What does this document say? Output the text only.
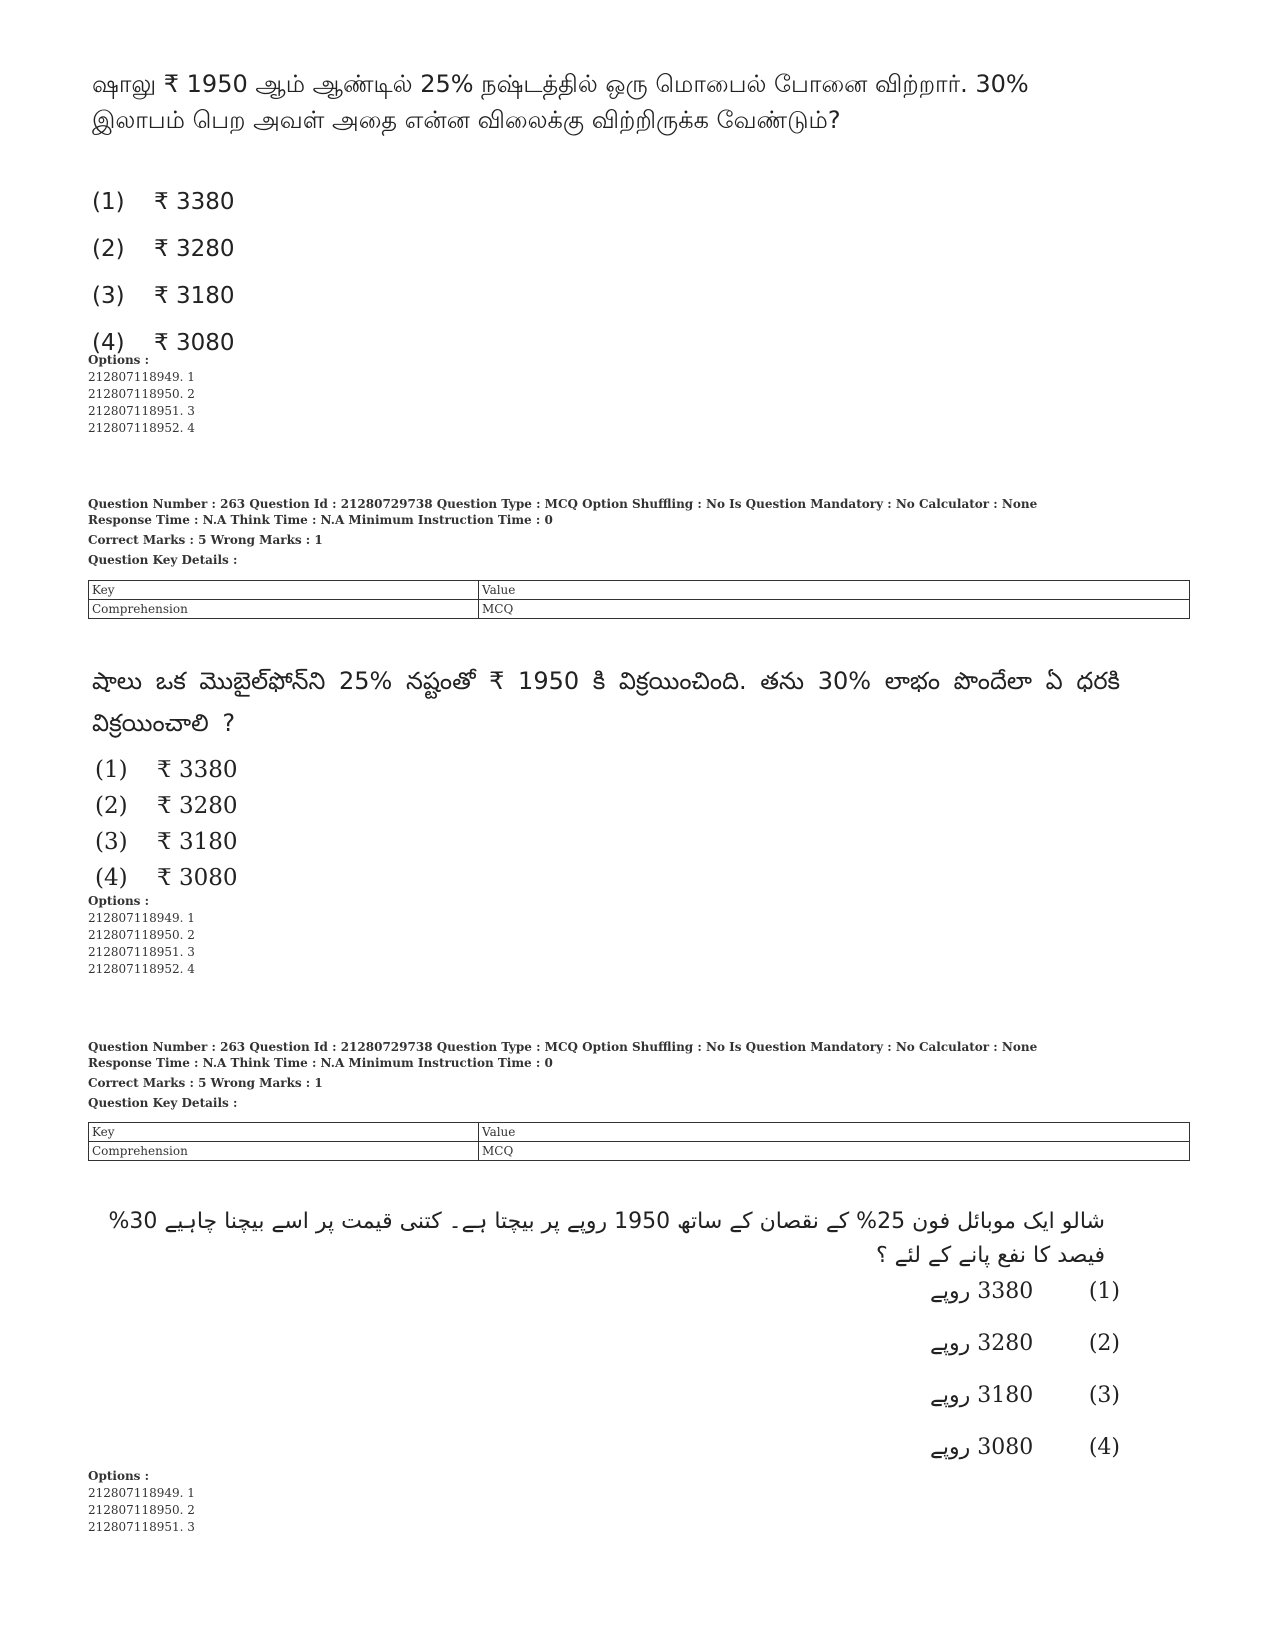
ஷாலு ₹ 1950 ஆம் ஆண்டில் 25% நஷ்டத்தில் ஒரு மொபைல் போனை விற்றார். 30% இலாபம் பெற அவள் அதை என்ன விலைக்கு விற்றிருக்க வேண்டும்?
(1)	₹ 3380
(2)	₹ 3280
(3)	₹ 3180
(4)	₹ 3080
Options :
212807118949. 1
212807118950. 2
212807118951. 3
212807118952. 4
Question Number : 263 Question Id : 21280729738 Question Type : MCQ Option Shuffling : No Is Question Mandatory : No Calculator : None
Response Time : N.A Think Time : N.A Minimum Instruction Time : 0
Correct Marks : 5 Wrong Marks : 1
Question Key Details :
Key	Value
Comprehension	MCQ
షాలు ఒక మొబైల్‌ఫోన్‌ని 25% నష్టంతో ₹ 1950 కి విక్రయించింది. తను 30% లాభం పొందేలా ఏ ధరకి విక్రయించాలి ?
(1)	₹ 3380
(2)	₹ 3280
(3)	₹ 3180
(4)	₹ 3080
Options :
212807118949. 1
212807118950. 2
212807118951. 3
212807118952. 4
Question Number : 263 Question Id : 21280729738 Question Type : MCQ Option Shuffling : No Is Question Mandatory : No Calculator : None
Response Time : N.A Think Time : N.A Minimum Instruction Time : 0
Correct Marks : 5 Wrong Marks : 1
Question Key Details :
Key	Value
Comprehension	MCQ
شالو ایک موبائل فون 25% کے نقصان کے ساتھ 1950 روپے پر بیچتا ہے۔ کتنی قیمت پر اسے بیچنا چاہیے 30% فیصد کا نفع پانے کے لئے ؟
3380 روپے	(1)
3280 روپے	(2)
3180 روپے	(3)
3080 روپے	(4)
Options :
212807118949. 1
212807118950. 2
212807118951. 3
